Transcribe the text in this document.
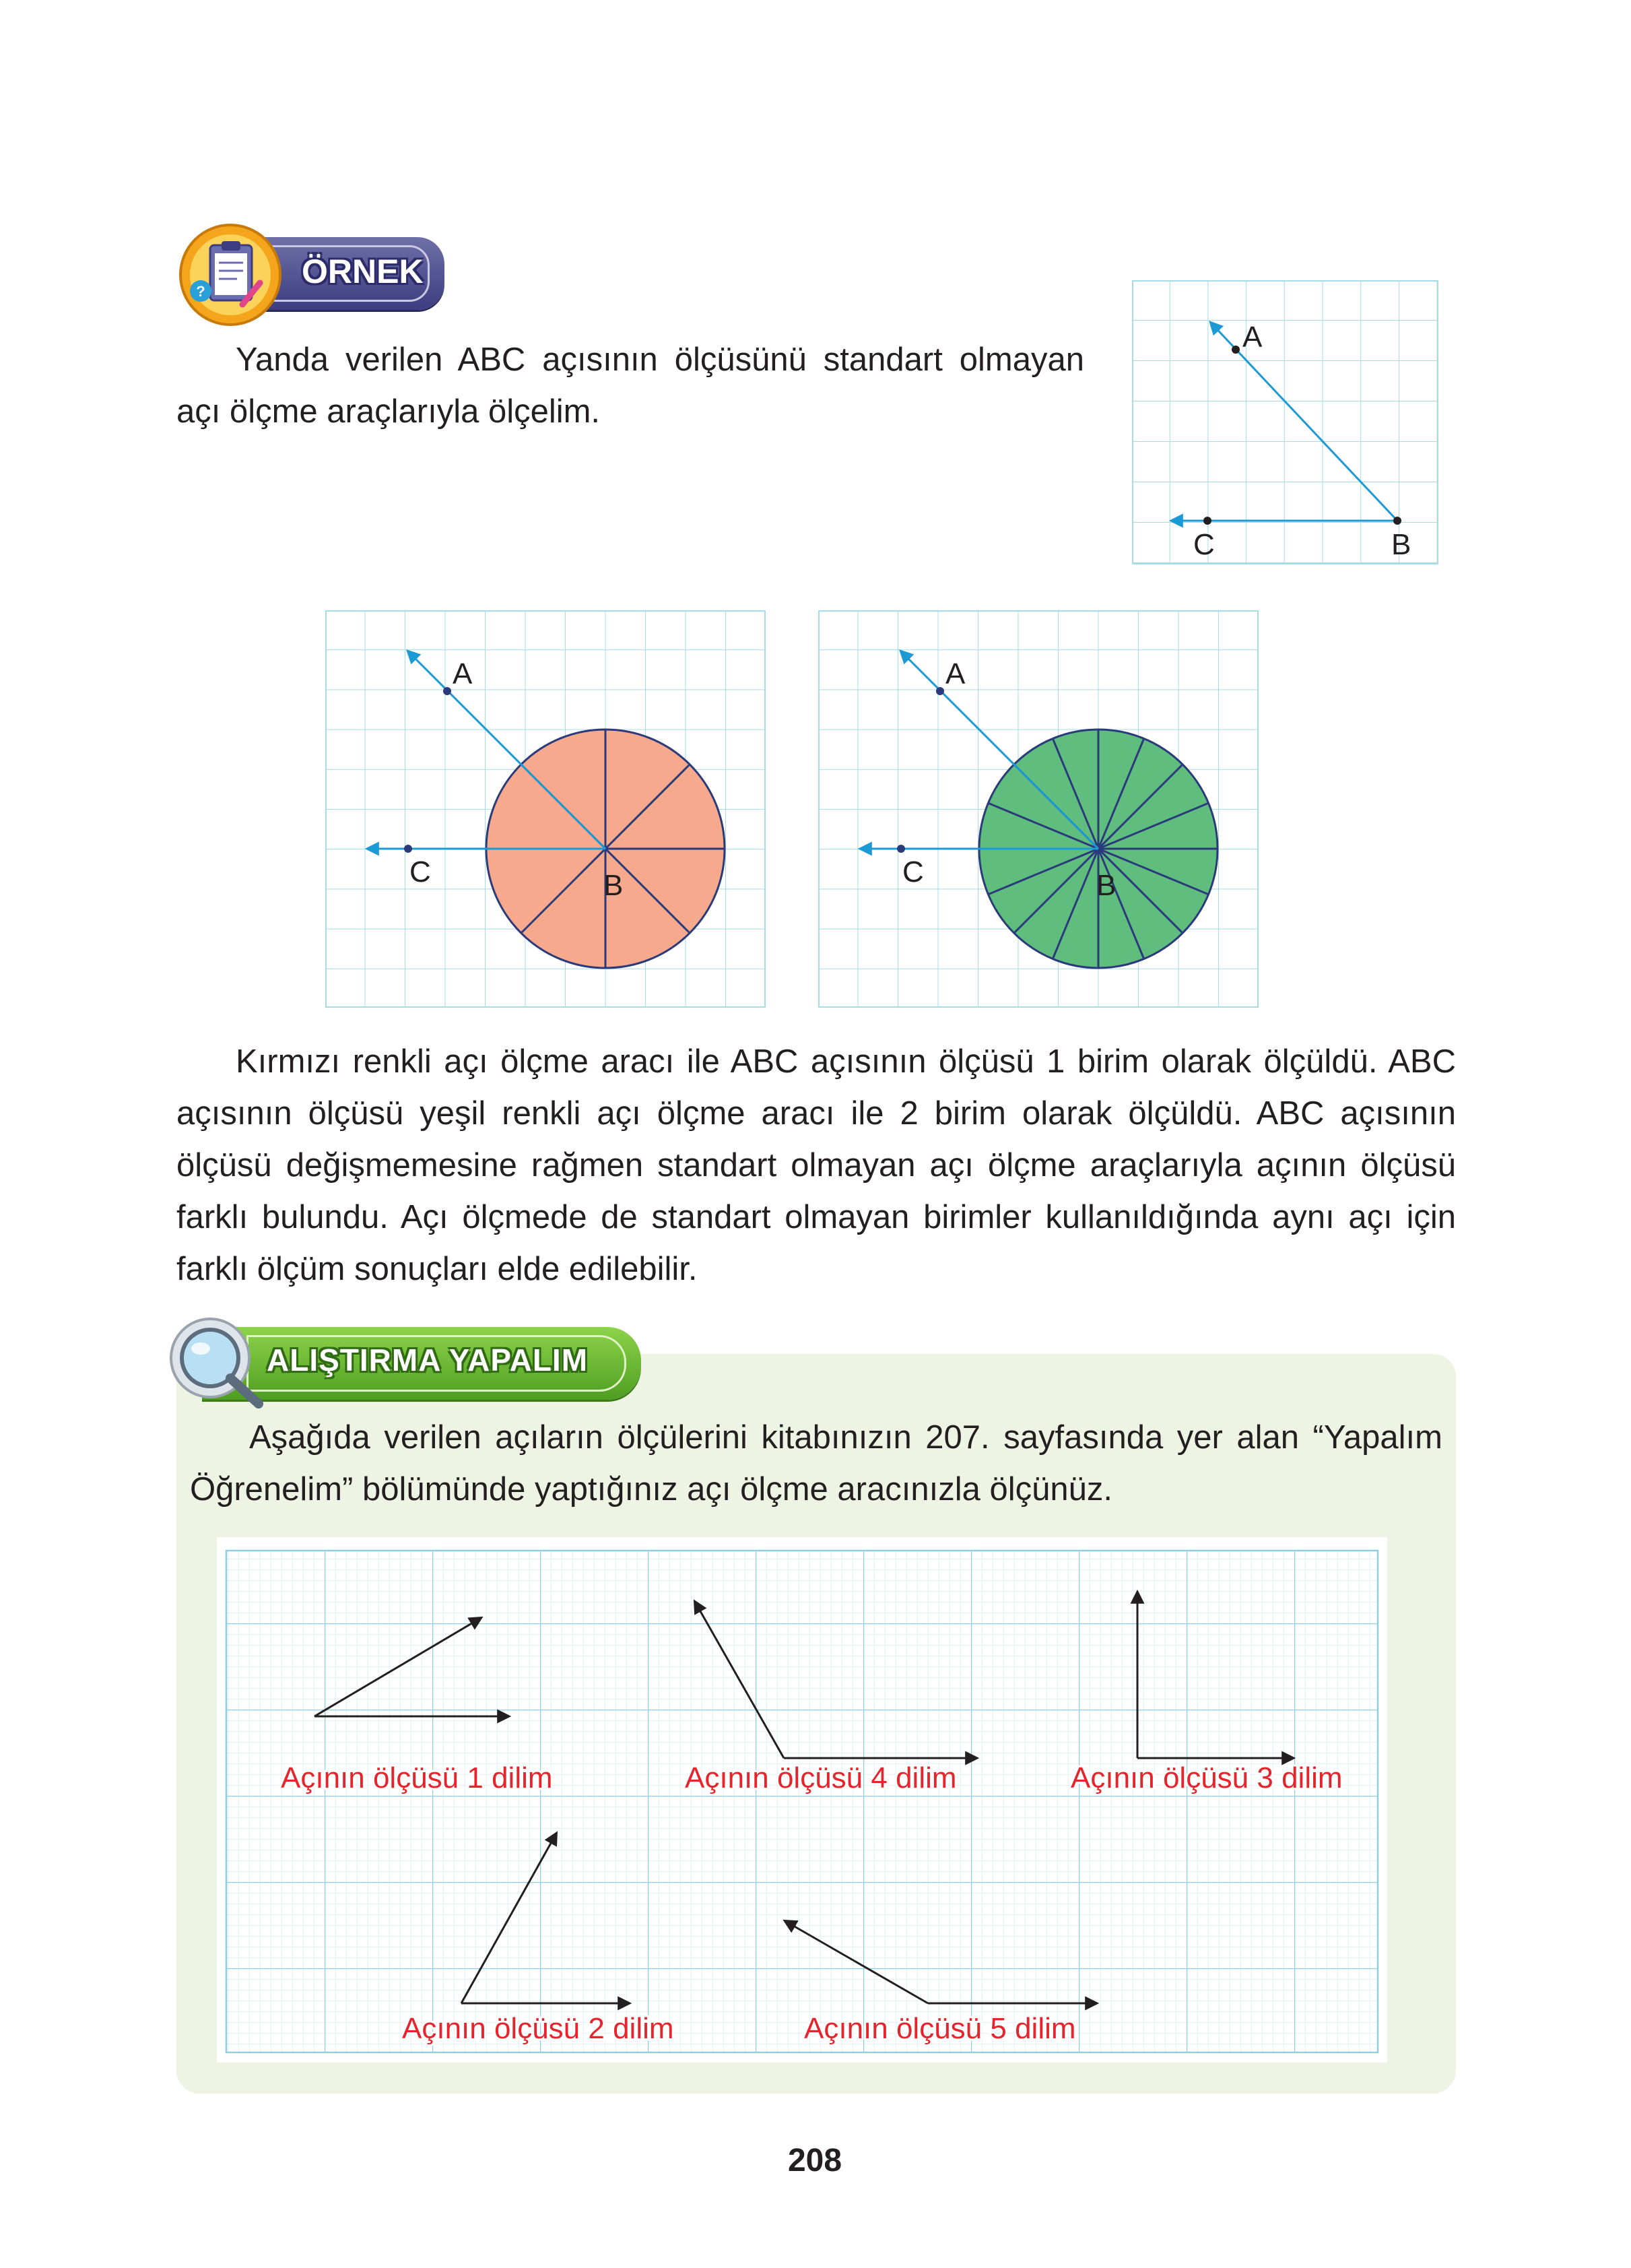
ÖRNEK
?
Yanda verilen ABC açısının ölçüsünü standart olmayan açı ölçme araçlarıyla ölçelim.
A
C	B
A
C	B
A
C	B
Kırmızı renkli açı ölçme aracı ile ABC açısının ölçüsü 1 birim olarak ölçüldü. ABC açısının ölçüsü yeşil renkli açı ölçme aracı ile 2 birim olarak ölçüldü. ABC açısının ölçüsü değişmemesine rağmen standart olmayan açı ölçme araçlarıyla açının ölçüsü farklı bulundu. Açı ölçmede de standart olmayan birimler kullanıldığında aynı açı için farklı ölçüm sonuçları elde edilebilir.
ALIŞTIRMA YAPALIM
Aşağıda verilen açıların ölçülerini kitabınızın 207. sayfasında yer alan “Yapalım Öğrenelim” bölümünde yaptığınız açı ölçme aracınızla ölçünüz.
Açının ölçüsü 1 dilim	Açının ölçüsü 4 dilim	Açının ölçüsü 3 dilim
Açının ölçüsü 2 dilim	Açının ölçüsü 5 dilim
208
